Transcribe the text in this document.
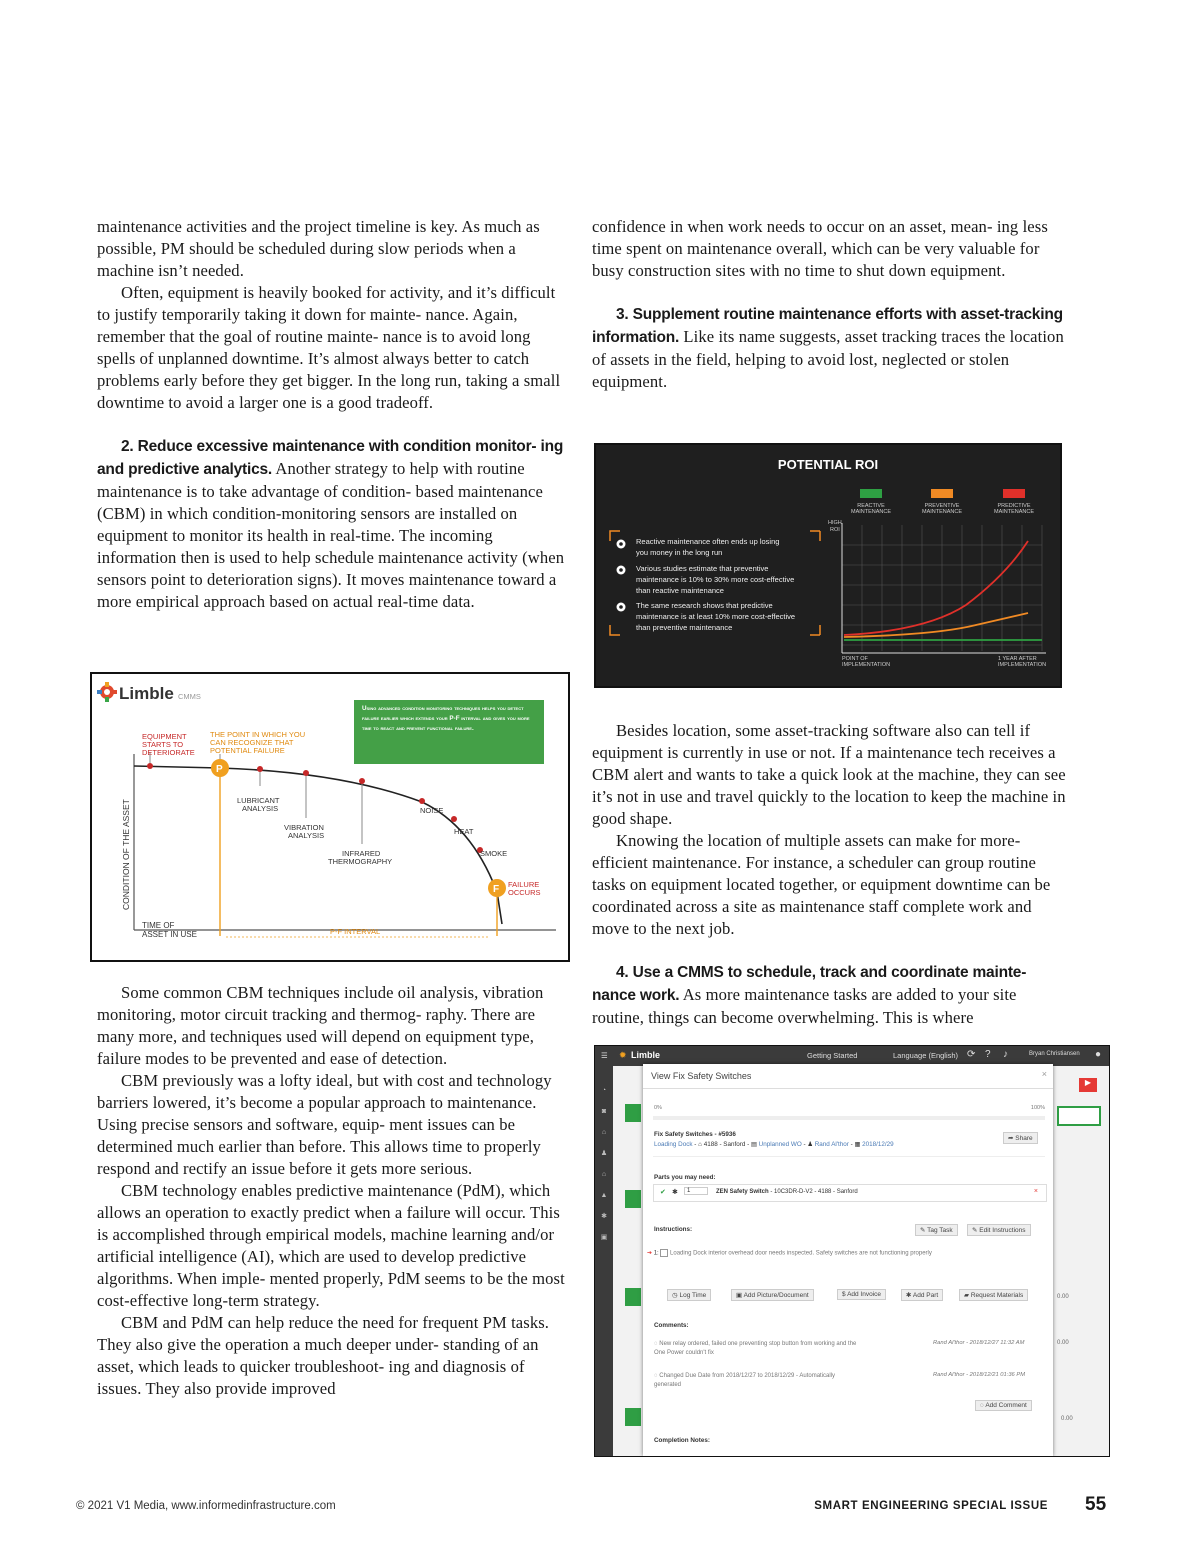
maintenance activities and the project timeline is key. As much as possible, PM should be scheduled during slow periods when a machine isn’t needed.

Often, equipment is heavily booked for activity, and it’s difficult to justify temporarily taking it down for mainte- nance. Again, remember that the goal of routine mainte- nance is to avoid long spells of unplanned downtime. It’s almost always better to catch problems early before they get bigger. In the long run, taking a small downtime to avoid a larger one is a good tradeoff.

2. Reduce excessive maintenance with condition monitor- ing and predictive analytics. Another strategy to help with routine maintenance is to take advantage of condition- based maintenance (CBM) in which condition-monitoring sensors are installed on equipment to monitor its health in real-time. The incoming information then is used to help schedule maintenance activity (when sensors point to deterioration signs). It moves maintenance toward a more empirical approach based on actual real-time data.

Limble CMMS
Using advanced condition monitoring techniques helps you detect failure earlier which extends your P-F interval and gives you more time to react and prevent functional failure.
CONDITION OF THE ASSET
TIME OF
ASSET IN USE
P
F
EQUIPMENT
STARTS TO
DETERIORATE
THE POINT IN WHICH YOU
CAN RECOGNIZE THAT
POTENTIAL FAILURE
LUBRICANT
ANALYSIS
VIBRATION
ANALYSIS
INFRARED
THERMOGRAPHY
NOISE
HEAT
SMOKE
FAILURE
OCCURS
P-F INTERVAL

Some common CBM techniques include oil analysis, vibration monitoring, motor circuit tracking and thermog- raphy. There are many more, and techniques used will depend on equipment type, failure modes to be prevented and ease of detection.

CBM previously was a lofty ideal, but with cost and technology barriers lowered, it’s become a popular approach to maintenance. Using precise sensors and software, equip- ment issues can be determined much earlier than before. This allows time to properly respond and rectify an issue before it gets more serious.

CBM technology enables predictive maintenance (PdM), which allows an operation to exactly predict when a failure will occur. This is accomplished through empirical models, machine learning and/or artificial intelligence (AI), which are used to develop predictive algorithms. When imple- mented properly, PdM seems to be the most cost-effective long-term strategy.

CBM and PdM can help reduce the need for frequent PM tasks. They also give the operation a much deeper under- standing of an asset, which leads to quicker troubleshoot- ing and diagnosis of issues. They also provide improved

confidence in when work needs to occur on an asset, mean- ing less time spent on maintenance overall, which can be very valuable for busy construction sites with no time to shut down equipment.

3. Supplement routine maintenance efforts with asset-tracking information. Like its name suggests, asset tracking traces the location of assets in the field, helping to avoid lost, neglected or stolen equipment.

POTENTIAL ROI
REACTIVE
MAINTENANCE
PREVENTIVE
MAINTENANCE
PREDICTIVE
MAINTENANCE
Reactive maintenance often ends up losing
you money in the long run
Various studies estimate that preventive
maintenance is 10% to 30% more cost-effective
than reactive maintenance
The same research shows that predictive
maintenance is at least 10% more cost-effective
than preventive maintenance
HIGH
ROI
POINT OF
IMPLEMENTATION
1 YEAR AFTER
IMPLEMENTATION

Besides location, some asset-tracking software also can tell if equipment is currently in use or not. If a maintenance tech receives a CBM alert and wants to take a quick look at the machine, they can see it’s not in use and travel quickly to the location to keep the machine in good shape.

Knowing the location of multiple assets can make for more-efficient maintenance. For instance, a scheduler can group routine tasks on equipment located together, or equipment downtime can be coordinated across a site as maintenance staff complete work and move to the next job.

4. Use a CMMS to schedule, track and coordinate mainte- nance work. As more maintenance tasks are added to your site routine, things can become overwhelming. This is where

☰ ✹ Limble	Getting Started	Language (English) ⟳ ? ♪	Bryan Christiansen ●
◔
◙
⌂
♟
⌂
▲
✱
▣
▶
0.00
0.00
0.00
View Fix Safety Switches	×
0%	100%
Fix Safety Switches - #5936
Loading Dock - ⌂ 4188 - Sanford - ▤ Unplanned WO - ♟ Rand Al'thor - ▦ 2018/12/29
➦ Share
Parts you may need:
✔ ✱	1	ZEN Safety Switch - 10C3DR-D-V2 - 4188 - Sanford	×
Instructions:	✎ Tag Task	✎ Edit Instructions
➔ 1:  Loading Dock interior overhead door needs inspected. Safety switches are not functioning properly
◷ Log Time	▣ Add Picture/Document	$ Add Invoice	✱ Add Part	▰ Request Materials
Comments:
◌ New relay ordered, failed one preventing stop button from working and the One Power couldn't fix
Rand Al'thor - 2018/12/27 11:32 AM
◌ Changed Due Date from 2018/12/27 to 2018/12/29 - Automatically generated
Rand Al'thor - 2018/12/21 01:36 PM
◌ Add Comment
Completion Notes:
© 2021 V1 Media, www.informedinfrastructure.com	SMART ENGINEERING SPECIAL ISSUE 55
